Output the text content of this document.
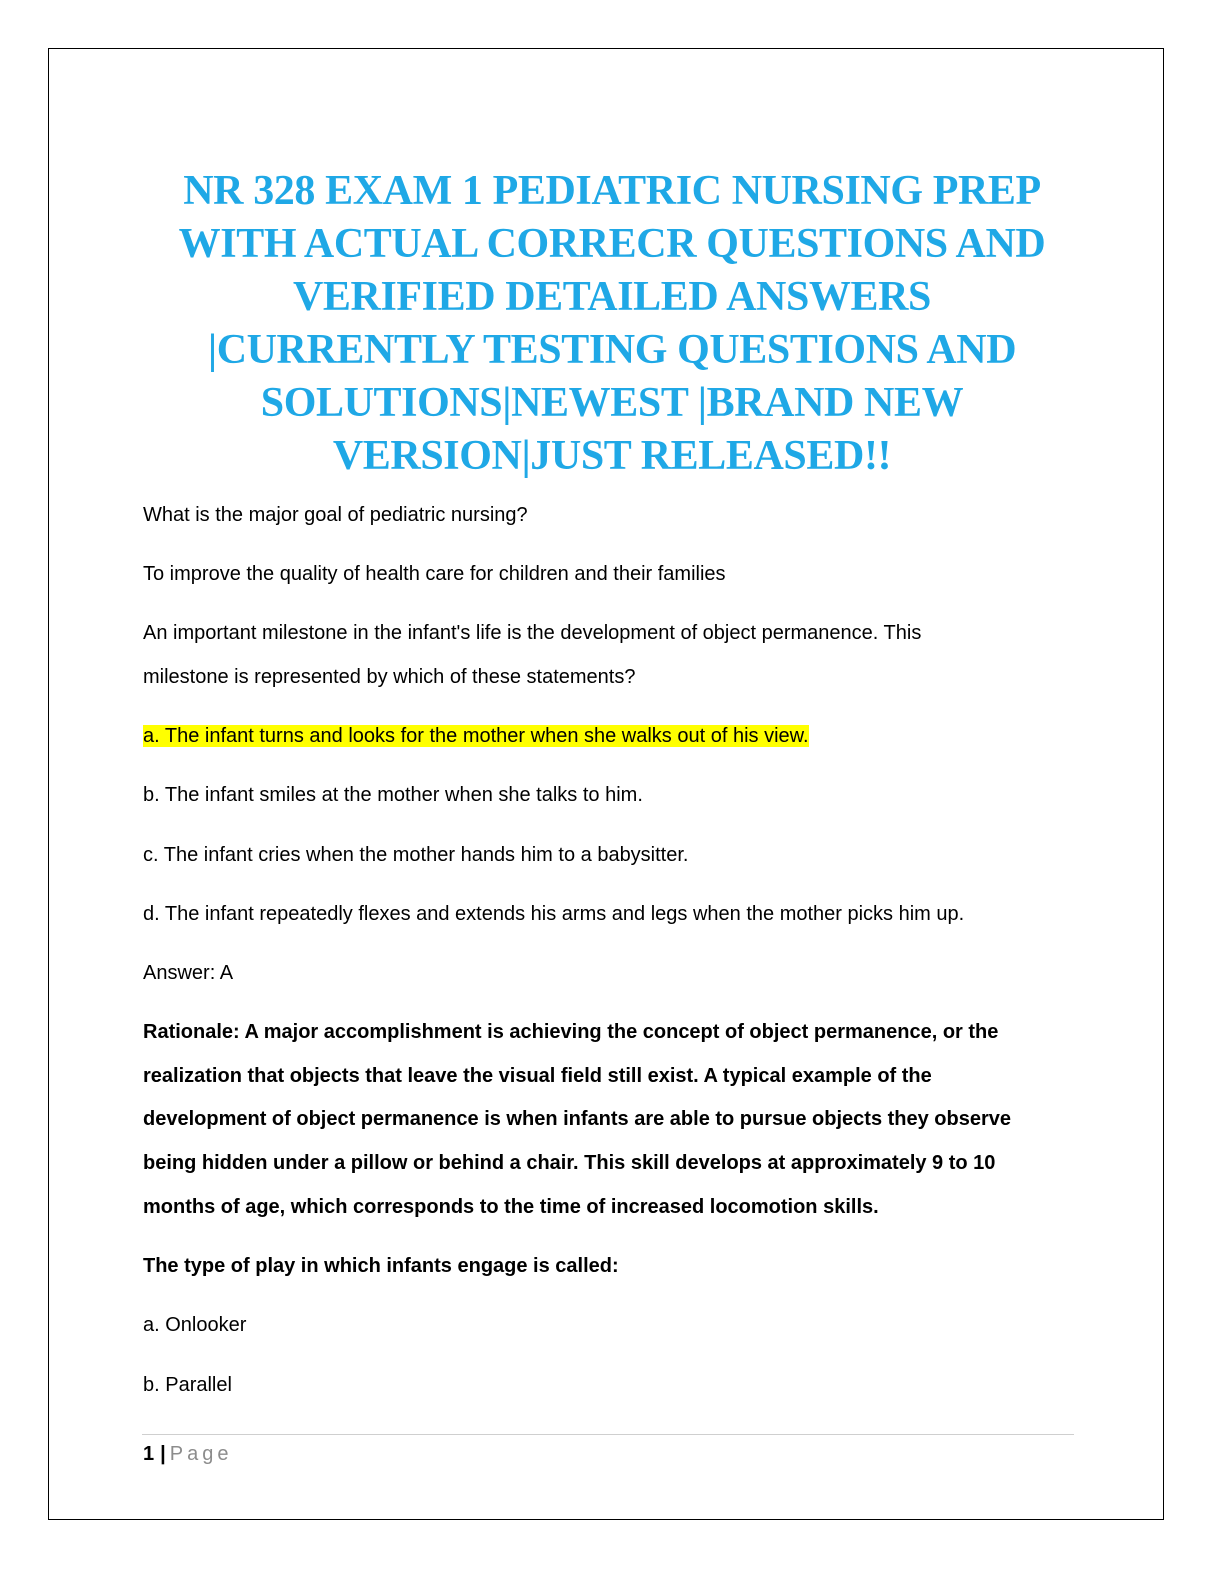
NR 328 EXAM 1 PEDIATRIC NURSING PREP
WITH ACTUAL CORRECR QUESTIONS AND
VERIFIED DETAILED ANSWERS
|CURRENTLY TESTING QUESTIONS AND
SOLUTIONS|NEWEST |BRAND NEW
VERSION|JUST RELEASED!!

What is the major goal of pediatric nursing?

To improve the quality of health care for children and their families

An important milestone in the infant's life is the development of object permanence. This

milestone is represented by which of these statements?

a. The infant turns and looks for the mother when she walks out of his view.

b. The infant smiles at the mother when she talks to him.

c. The infant cries when the mother hands him to a babysitter.

d. The infant repeatedly flexes and extends his arms and legs when the mother picks him up.

Answer: A

Rationale: A major accomplishment is achieving the concept of object permanence, or the

realization that objects that leave the visual field still exist. A typical example of the

development of object permanence is when infants are able to pursue objects they observe

being hidden under a pillow or behind a chair. This skill develops at approximately 9 to 10

months of age, which corresponds to the time of increased locomotion skills.

The type of play in which infants engage is called:

a. Onlooker

b. Parallel

1 | Page
